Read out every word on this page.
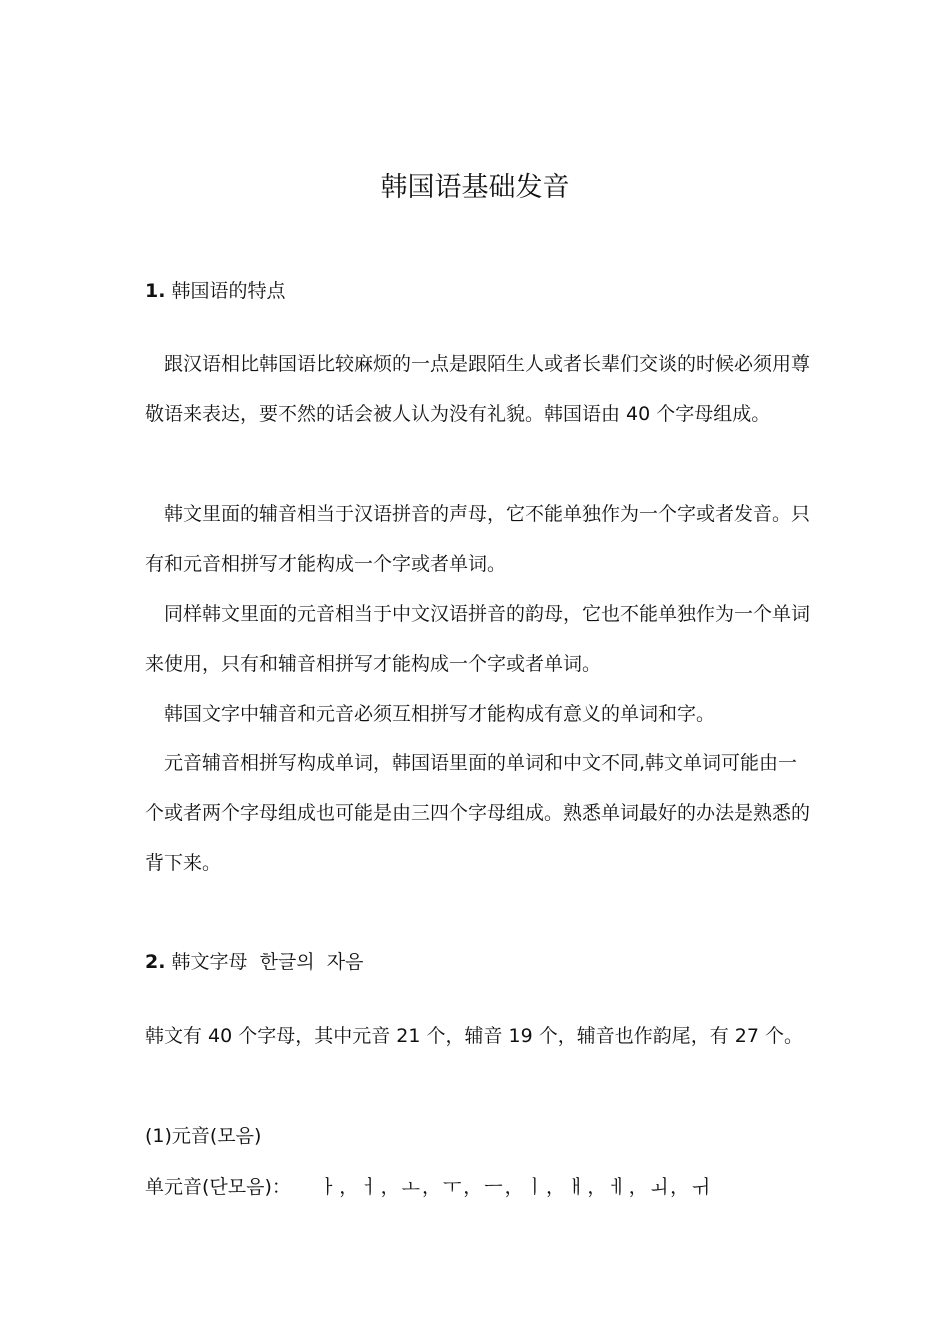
韩国语基础发音
1. 韩国语的特点

跟汉语相比韩国语比较麻烦的一点是跟陌生人或者长辈们交谈的时候必须用尊敬语来表达，要不然的话会被人认为没有礼貌。韩国语由 40 个字母组成。

韩文里面的辅音相当于汉语拼音的声母，它不能单独作为一个字或者发音。只有和元音相拼写才能构成一个字或者单词。

同样韩文里面的元音相当于中文汉语拼音的韵母，它也不能单独作为一个单词来使用，只有和辅音相拼写才能构成一个字或者单词。

韩国文字中辅音和元音必须互相拼写才能构成有意义的单词和字。

元音辅音相拼写构成单词，韩国语里面的单词和中文不同,韩文单词可能由一个或者两个字母组成也可能是由三四个字母组成。熟悉单词最好的办法是熟悉的背下来。

2. 韩文字母  한글의  자음

韩文有 40 个字母，其中元音 21 个，辅音 19 个，辅音也作韵尾，有 27 个。

(1)元音(모음)

单元音(단모음)： ㅏ，ㅓ，ㅗ，ㅜ，ㅡ，ㅣ，ㅐ，ㅔ，ㅚ，ㅟ
